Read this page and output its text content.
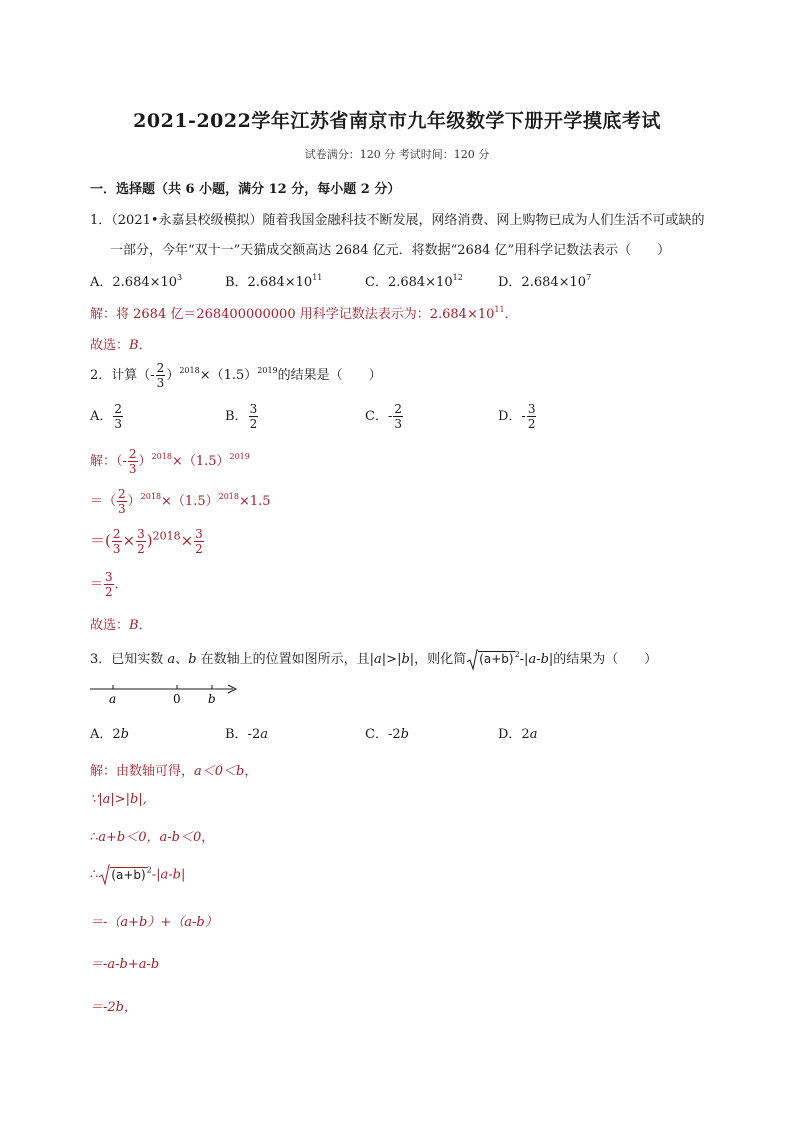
2021-2022学年江苏省南京市九年级数学下册开学摸底考试
试卷满分：120 分 考试时间：120 分
一．选择题（共 6 小题，满分 12 分，每小题 2 分）
1．（2021•永嘉县校级模拟）随着我国金融科技不断发展，网络消费、网上购物已成为人们生活不可或缺的
一部分，今年“双十一”天猫成交额高达 2684 亿元．将数据“2684 亿”用科学记数法表示（　　）
A．$2.684\times 10^3$	B．$2.684\times 10^{11}$	C．$2.684\times 10^{12}$	D．$2.684\times 10^7$
解：将 2684 亿＝268400000000 用科学记数法表示为：$2.684\times 10^{11}$．
故选：B．
2．计算（- $\frac{2}{3} )^{2018}\times(1.5)^{2019}$的结果是（　　）
A． $\frac{2}{3}$	B． $\frac{3}{2}$	C．- $\frac{2}{3}$	D．- $\frac{3}{2}$
解：（- $\frac{2}{3} )^{2018}\times(1.5)^{2019}$
＝（ $\frac{2}{3} )^{2018}\times(1.5)^{2018}\times 1.5$
＝( $\frac{2}{3} \times \frac{3}{2} )^{2018}\times \frac{3}{2}$
＝ $\frac{3}{2}$ ．
故选：B．
3．已知实数 a、b 在数轴上的位置如图所示，且|a|>|b|，则化简 $(a+b)^2-|a-b|$的结果为（　　）
a	0 b
A．2b	B．-2a	C．-2b	D．2a
解：由数轴可得，a＜0＜b，
∵|a|>|b|,
∴a+b＜0，a-b＜0，
∴ $(a+b)^2-|a-b|$
＝-（a+b）+（a-b）
＝-a-b+a-b
＝-2b，
